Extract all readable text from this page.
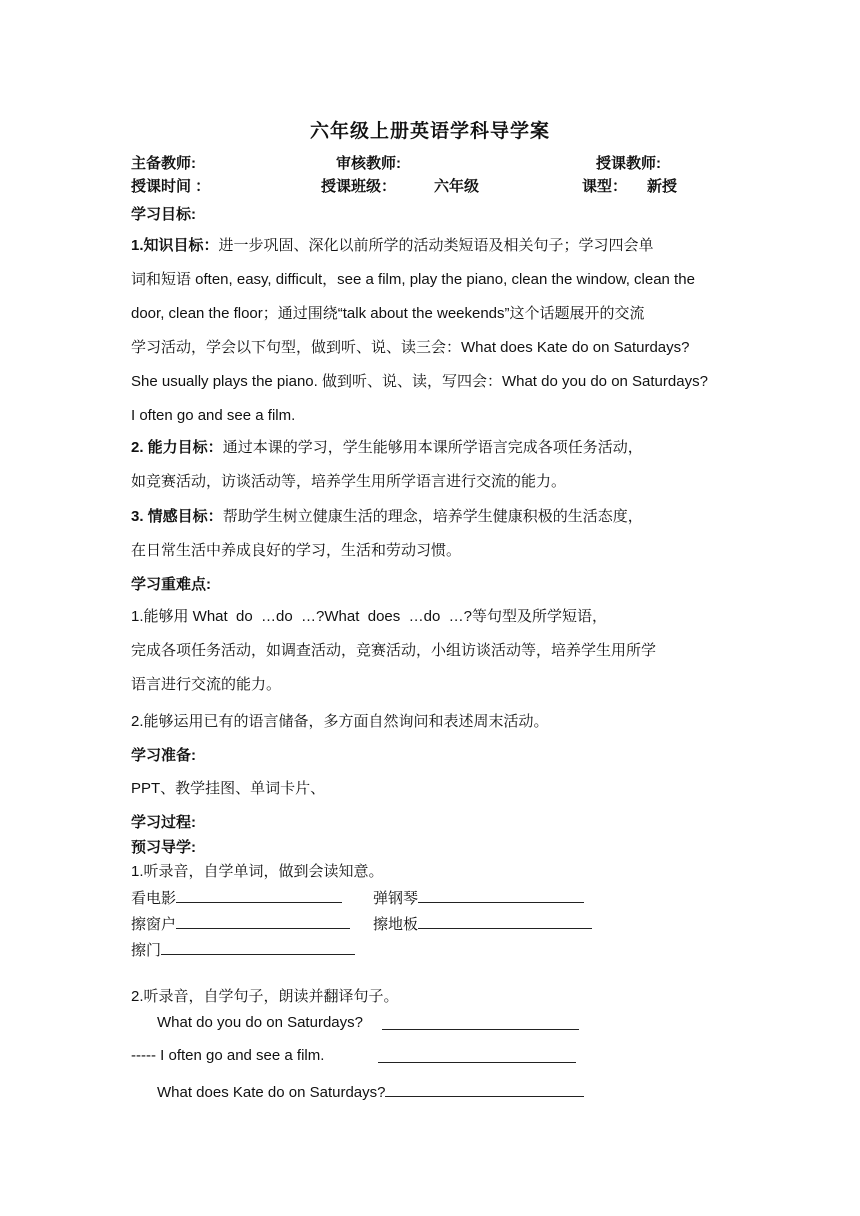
六年级上册英语学科导学案
主备教师:	审核教师:	授课教师:
授课时间 ：	授课班级：	六年级	课型： 新授
学习目标:
1.知识目标：进一步巩固、深化以前所学的活动类短语及相关句子；学习四会单
词和短语 often, easy, difficult，see a film, play the piano, clean the window, clean the
door, clean the floor；通过围绕“talk about the weekends”这个话题展开的交流
学习活动，学会以下句型，做到听、说、读三会：What does Kate do on Saturdays?
She usually plays the piano. 做到听、说、读，写四会：What do you do on Saturdays?
I often go and see a film.
2. 能力目标：通过本课的学习，学生能够用本课所学语言完成各项任务活动，
如竞赛活动，访谈活动等，培养学生用所学语言进行交流的能力。
3. 情感目标：帮助学生树立健康生活的理念，培养学生健康积极的生活态度，
在日常生活中养成良好的学习，生活和劳动习惯。
学习重难点:
1.能够用 What  do  …do  …?What  does  …do  …?等句型及所学短语，
完成各项任务活动，如调查活动，竞赛活动，小组访谈活动等，培养学生用所学
语言进行交流的能力。
2.能够运用已有的语言储备，多方面自然询问和表述周末活动。
学习准备:
PPT、教学挂图、单词卡片、
学习过程:
预习导学:
1.听录音，自学单词，做到会读知意。
看电影	弹钢琴
擦窗户	擦地板
擦门
2.听录音，自学句子，朗读并翻译句子。
What do you do on Saturdays?
----- I often go and see a film.
What does Kate do on Saturdays?
